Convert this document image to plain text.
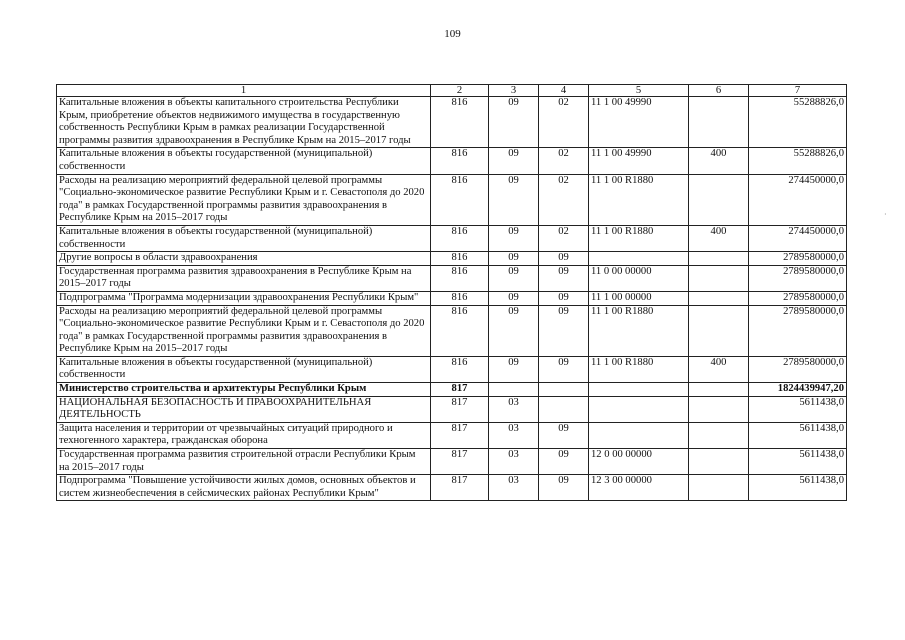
109
1	2	3	4	5	6	7
Капитальные вложения в объекты капитального строительства Республики Крым, приобретение объектов недвижимого имущества в государственную собственность Республики Крым в рамках реализации Государственной программы развития здравоохранения в Республике Крым на 2015–2017 годы	816	09	02	11 1 00 49990		55288826,0
Капитальные вложения в объекты государственной (муниципальной) собственности	816	09	02	11 1 00 49990	400	55288826,0
Расходы на реализацию мероприятий федеральной целевой программы "Социально-экономическое развитие Республики Крым и г. Севастополя до 2020 года" в рамках Государственной программы развития здравоохранения в Республике Крым на 2015–2017 годы	816	09	02	11 1 00 R1880		274450000,0
Капитальные вложения в объекты государственной (муниципальной) собственности	816	09	02	11 1 00 R1880	400	274450000,0
Другие вопросы в области здравоохранения	816	09	09			2789580000,0
Государственная программа развития здравоохранения в Республике Крым на 2015–2017 годы	816	09	09	11 0 00 00000		2789580000,0
Подпрограмма "Программа модернизации здравоохранения Республики Крым"	816	09	09	11 1 00 00000		2789580000,0
Расходы на реализацию мероприятий федеральной целевой программы "Социально-экономическое развитие Республики Крым и г. Севастополя до 2020 года" в рамках Государственной программы развития здравоохранения в Республике Крым на 2015–2017 годы	816	09	09	11 1 00 R1880		2789580000,0
Капитальные вложения в объекты государственной (муниципальной) собственности	816	09	09	11 1 00 R1880	400	2789580000,0
Министерство строительства и архитектуры Республики Крым	817					1824439947,20
НАЦИОНАЛЬНАЯ БЕЗОПАСНОСТЬ И ПРАВООХРАНИТЕЛЬНАЯ ДЕЯТЕЛЬНОСТЬ	817	03				5611438,0
Защита населения и территории от чрезвычайных ситуаций природного и техногенного характера, гражданская оборона	817	03	09			5611438,0
Государственная программа развития строительной отрасли Республики Крым на 2015–2017 годы	817	03	09	12 0 00 00000		5611438,0
Подпрограмма "Повышение устойчивости жилых домов, основных объектов и систем жизнеобеспечения в сейсмических районах Республики Крым"	817	03	09	12 3 00 00000		5611438,0
·
